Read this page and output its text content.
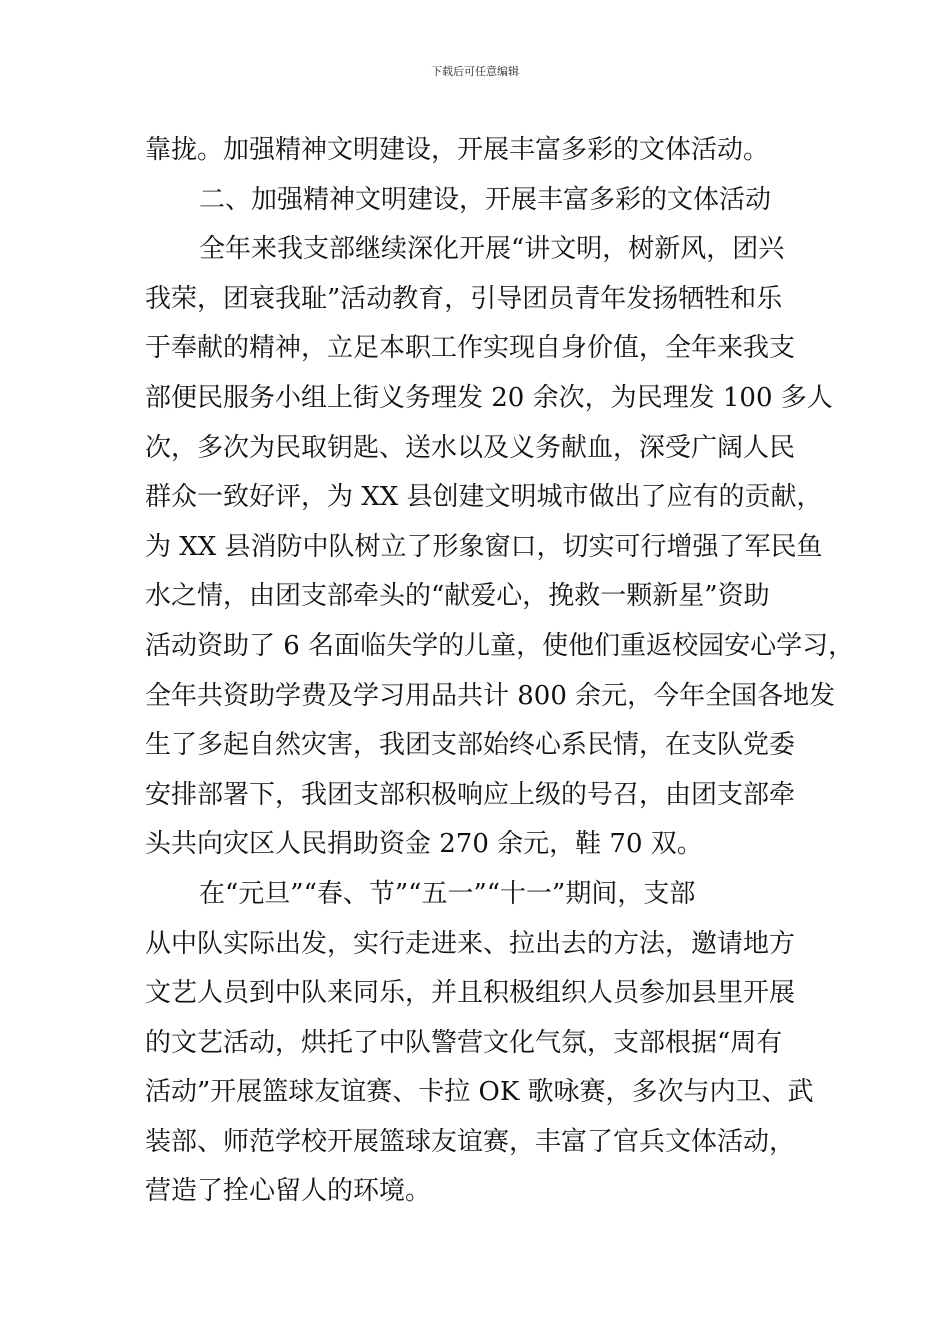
下载后可任意编辑
靠拢。加强精神文明建设，开展丰富多彩的文体活动。
二、加强精神文明建设，开展丰富多彩的文体活动
全年来我支部继续深化开展“讲文明，树新风，团兴
我荣，团衰我耻”活动教育，引导团员青年发扬牺牲和乐
于奉献的精神，立足本职工作实现自身价值，全年来我支
部便民服务小组上街义务理发 20 余次，为民理发 100 多人
次，多次为民取钥匙、送水以及义务献血，深受广阔人民
群众一致好评，为 XX 县创建文明城市做出了应有的贡献，
为 XX 县消防中队树立了形象窗口，切实可行增强了军民鱼
水之情，由团支部牵头的“献爱心，挽救一颗新星”资助
活动资助了 6 名面临失学的儿童，使他们重返校园安心学习，
全年共资助学费及学习用品共计 800 余元，今年全国各地发
生了多起自然灾害，我团支部始终心系民情，在支队党委
安排部署下，我团支部积极响应上级的号召，由团支部牵
头共向灾区人民捐助资金 270 余元，鞋 70 双。
在“元旦”“春、节”“五一”“十一”期间，支部
从中队实际出发，实行走进来、拉出去的方法，邀请地方
文艺人员到中队来同乐，并且积极组织人员参加县里开展
的文艺活动，烘托了中队警营文化气氛，支部根据“周有
活动”开展篮球友谊赛、卡拉 OK 歌咏赛，多次与内卫、武
装部、师范学校开展篮球友谊赛，丰富了官兵文体活动，
营造了拴心留人的环境。
